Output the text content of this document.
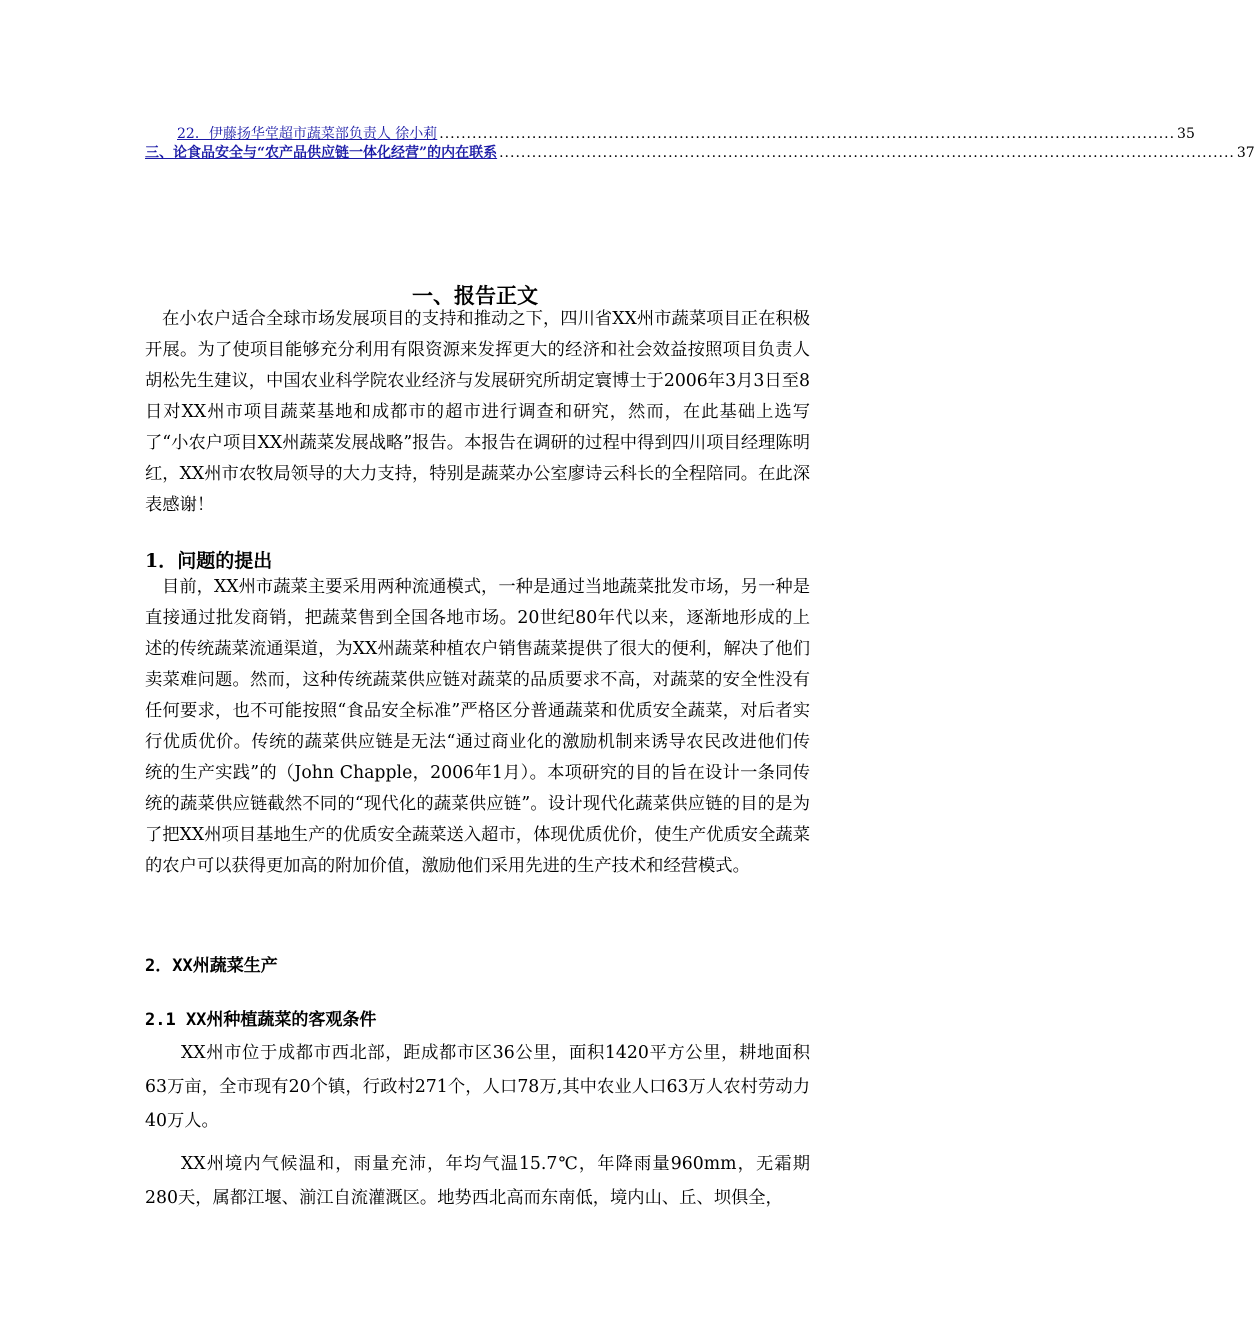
22．伊藤扬华堂超市蔬菜部负责人 徐小莉 ....................................................................................................................................... 35
三、论食品安全与“农产品供应链一体化经营”的内在联系 ....................................................................................................................................... 37
一、报告正文

在小农户适合全球市场发展项目的支持和推动之下，四川省XX州市蔬菜项目正在积极开展。为了使项目能够充分利用有限资源来发挥更大的经济和社会效益按照项目负责人胡松先生建议，中国农业科学院农业经济与发展研究所胡定寰博士于2006年3月3日至8日对XX州市项目蔬菜基地和成都市的超市进行调查和研究，然而，在此基础上选写了“小农户项目XX州蔬菜发展战略”报告。本报告在调研的过程中得到四川项目经理陈明红，XX州市农牧局领导的大力支持，特别是蔬菜办公室廖诗云科长的全程陪同。在此深表感谢！

1．问题的提出

目前，XX州市蔬菜主要采用两种流通模式，一种是通过当地蔬菜批发市场，另一种是直接通过批发商销，把蔬菜售到全国各地市场。20世纪80年代以来，逐渐地形成的上述的传统蔬菜流通渠道，为XX州蔬菜种植农户销售蔬菜提供了很大的便利，解决了他们卖菜难问题。然而，这种传统蔬菜供应链对蔬菜的品质要求不高，对蔬菜的安全性没有任何要求，也不可能按照“食品安全标准”严格区分普通蔬菜和优质安全蔬菜，对后者实行优质优价。传统的蔬菜供应链是无法“通过商业化的激励机制来诱导农民改进他们传统的生产实践”的（John Chapple，2006年1月）。本项研究的目的旨在设计一条同传统的蔬菜供应链截然不同的“现代化的蔬菜供应链”。设计现代化蔬菜供应链的目的是为了把XX州项目基地生产的优质安全蔬菜送入超市，体现优质优价，使生产优质安全蔬菜的农户可以获得更加高的附加价值，激励他们采用先进的生产技术和经营模式。

2．XX州蔬菜生产
2.1 XX州种植蔬菜的客观条件

XX州市位于成都市西北部，距成都市区36公里，面积1420平方公里，耕地面积63万亩，全市现有20个镇，行政村271个，人口78万,其中农业人口63万人农村劳动力40万人。

XX州境内气候温和，雨量充沛，年均气温15.7℃，年降雨量960mm，无霜期280天，属都江堰、湔江自流灌溉区。地势西北高而东南低，境内山、丘、坝俱全，
